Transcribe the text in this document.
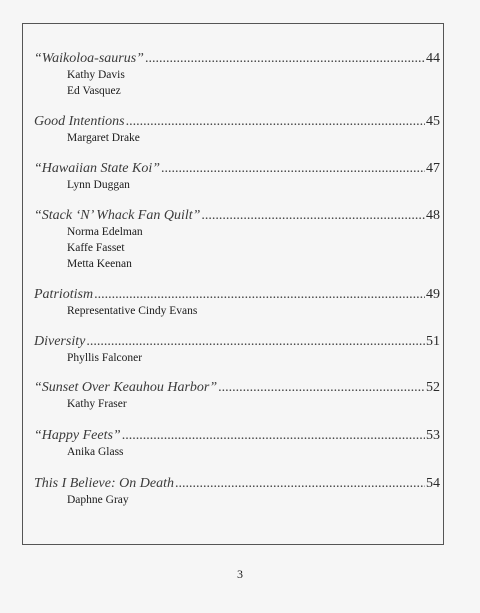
“Waikoloa-saurus” .....	44
Kathy Davis
Ed Vasquez
Good Intentions .....	45
Margaret Drake
“Hawaiian State Koi” .....	47
Lynn Duggan
“Stack ‘N’ Whack Fan Quilt” .....	48
Norma Edelman
Kaffe Fasset
Metta Keenan
Patriotism .....	49
Representative Cindy Evans
Diversity .....	51
Phyllis Falconer
“Sunset Over Keauhou Harbor” .....	52
Kathy Fraser
“Happy Feets” .....	53
Anika Glass
This I Believe: On Death .....	54
Daphne Gray
3
